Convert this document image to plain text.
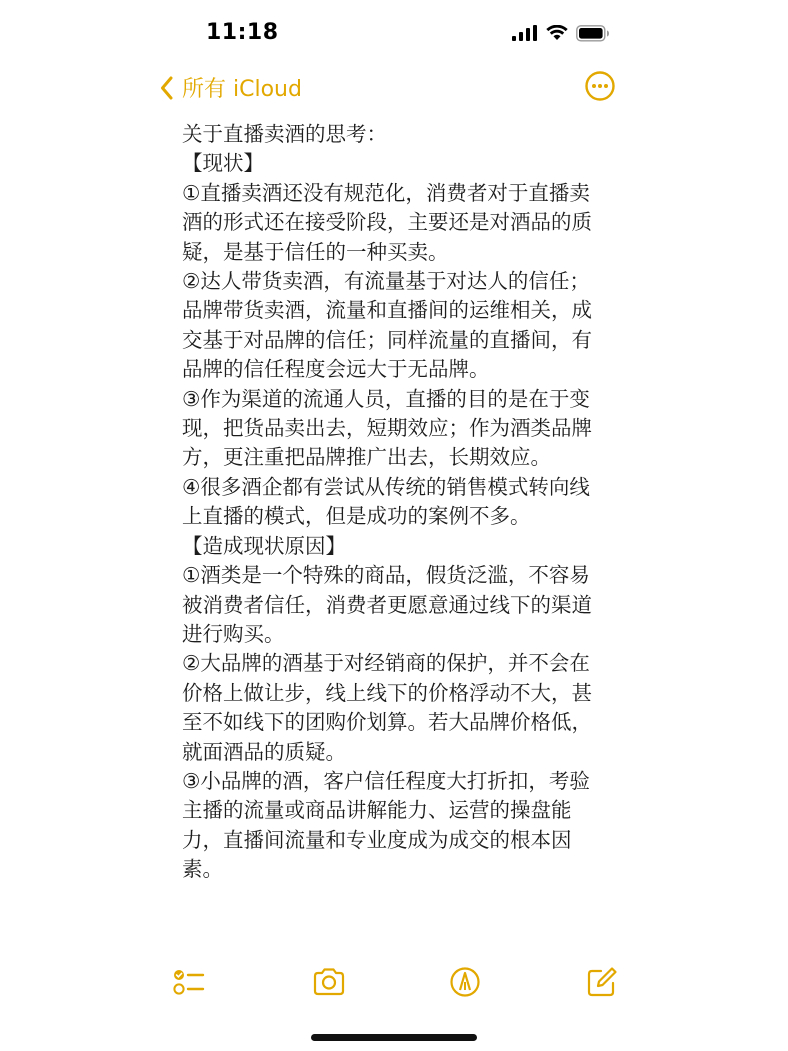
11:18
所有 iCloud

关于直播卖酒的思考：

【现状】

①直播卖酒还没有规范化，消费者对于直播卖酒的形式还在接受阶段，主要还是对酒品的质疑，是基于信任的一种买卖。

②达人带货卖酒，有流量基于对达人的信任；品牌带货卖酒，流量和直播间的运维相关，成交基于对品牌的信任；同样流量的直播间，有品牌的信任程度会远大于无品牌。

③作为渠道的流通人员，直播的目的是在于变现，把货品卖出去，短期效应；作为酒类品牌方，更注重把品牌推广出去，长期效应。

④很多酒企都有尝试从传统的销售模式转向线上直播的模式，但是成功的案例不多。

【造成现状原因】

①酒类是一个特殊的商品，假货泛滥，不容易被消费者信任，消费者更愿意通过线下的渠道进行购买。

②大品牌的酒基于对经销商的保护，并不会在价格上做让步，线上线下的价格浮动不大，甚至不如线下的团购价划算。若大品牌价格低，就面酒品的质疑。

③小品牌的酒，客户信任程度大打折扣，考验主播的流量或商品讲解能力、运营的操盘能力，直播间流量和专业度成为成交的根本因素。
